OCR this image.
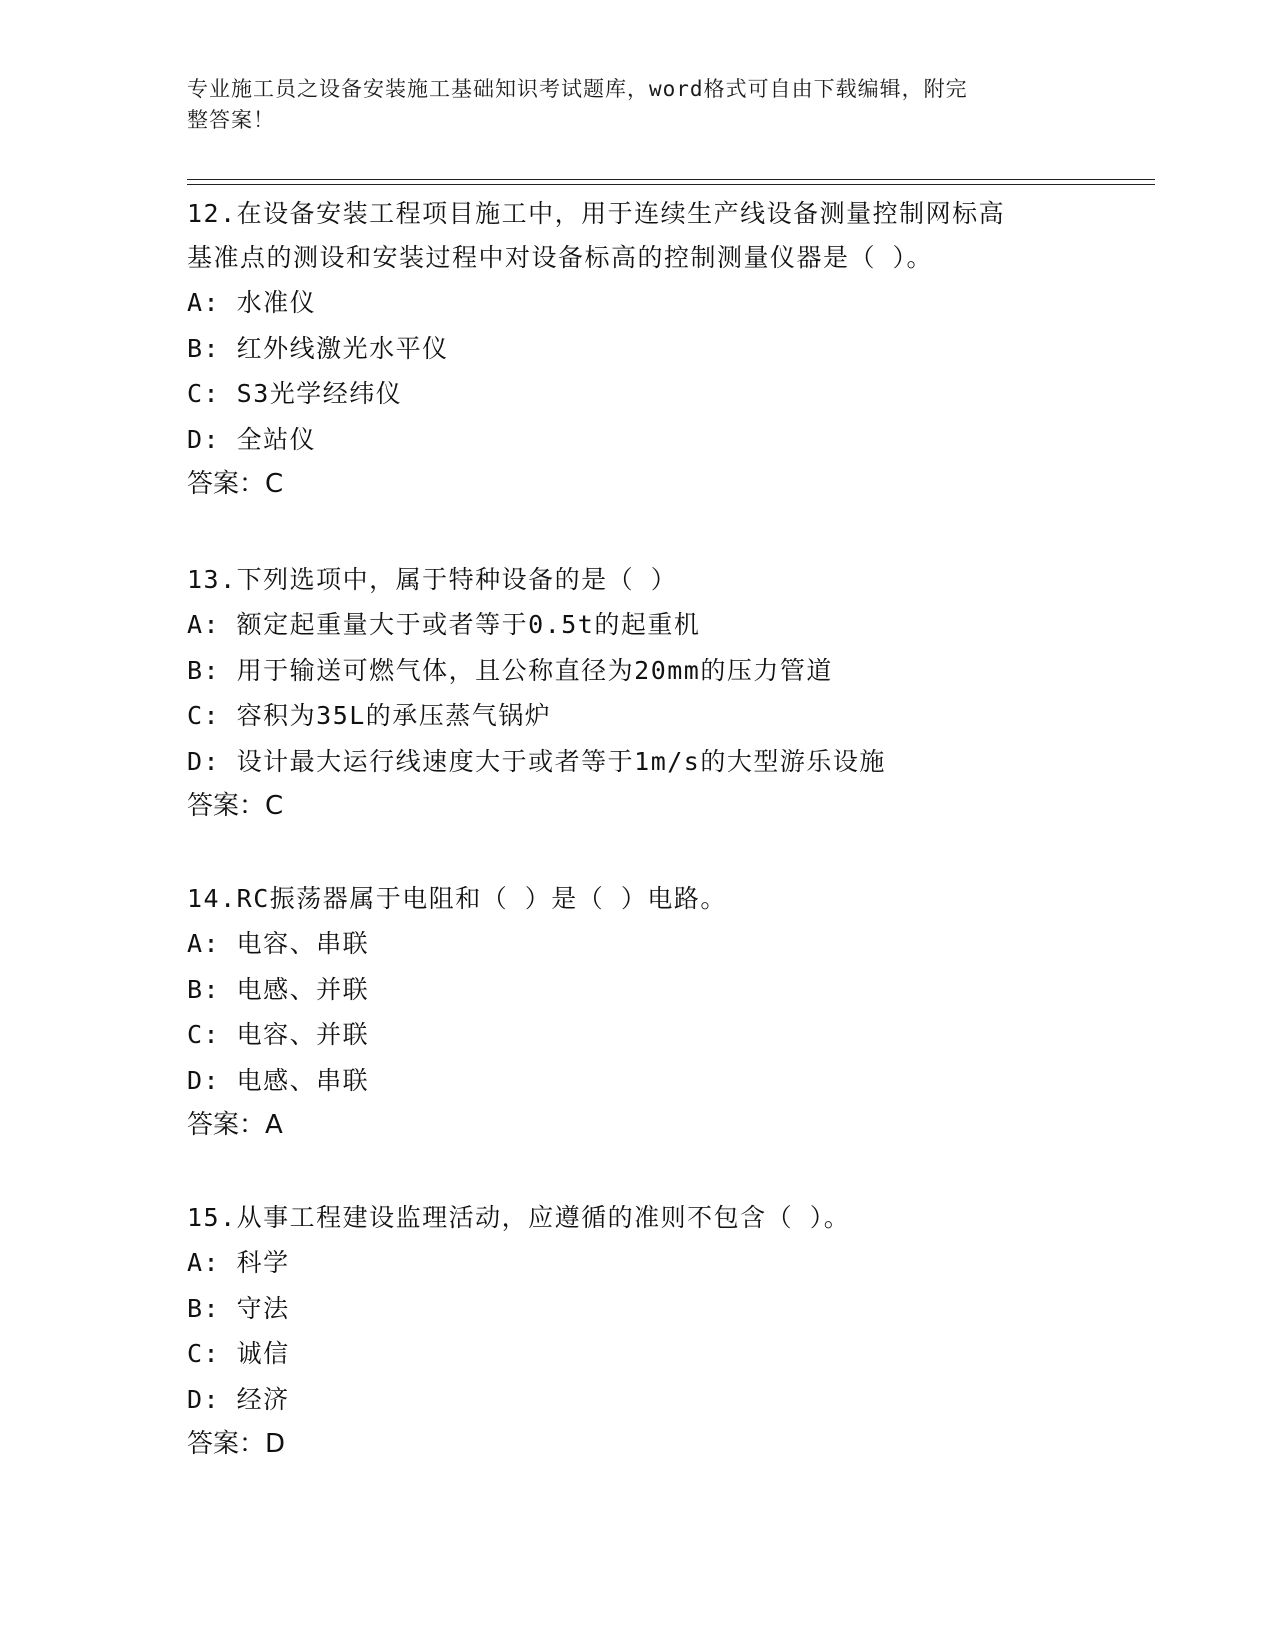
专业施工员之设备安装施工基础知识考试题库，word格式可自由下载编辑，附完
整答案！

12.在设备安装工程项目施工中，用于连续生产线设备测量控制网标高

基准点的测设和安装过程中对设备标高的控制测量仪器是（ ）。

A: 水准仪

B: 红外线激光水平仪

C: S3光学经纬仪

D: 全站仪

答案：C

13.下列选项中，属于特种设备的是（ ）

A: 额定起重量大于或者等于0.5t的起重机

B: 用于输送可燃气体，且公称直径为20mm的压力管道

C: 容积为35L的承压蒸气锅炉

D: 设计最大运行线速度大于或者等于1m/s的大型游乐设施

答案：C

14.RC振荡器属于电阻和（ ）是（ ）电路。

A: 电容、串联

B: 电感、并联

C: 电容、并联

D: 电感、串联

答案：A

15.从事工程建设监理活动，应遵循的准则不包含（ ）。

A: 科学

B: 守法

C: 诚信

D: 经济

答案：D
